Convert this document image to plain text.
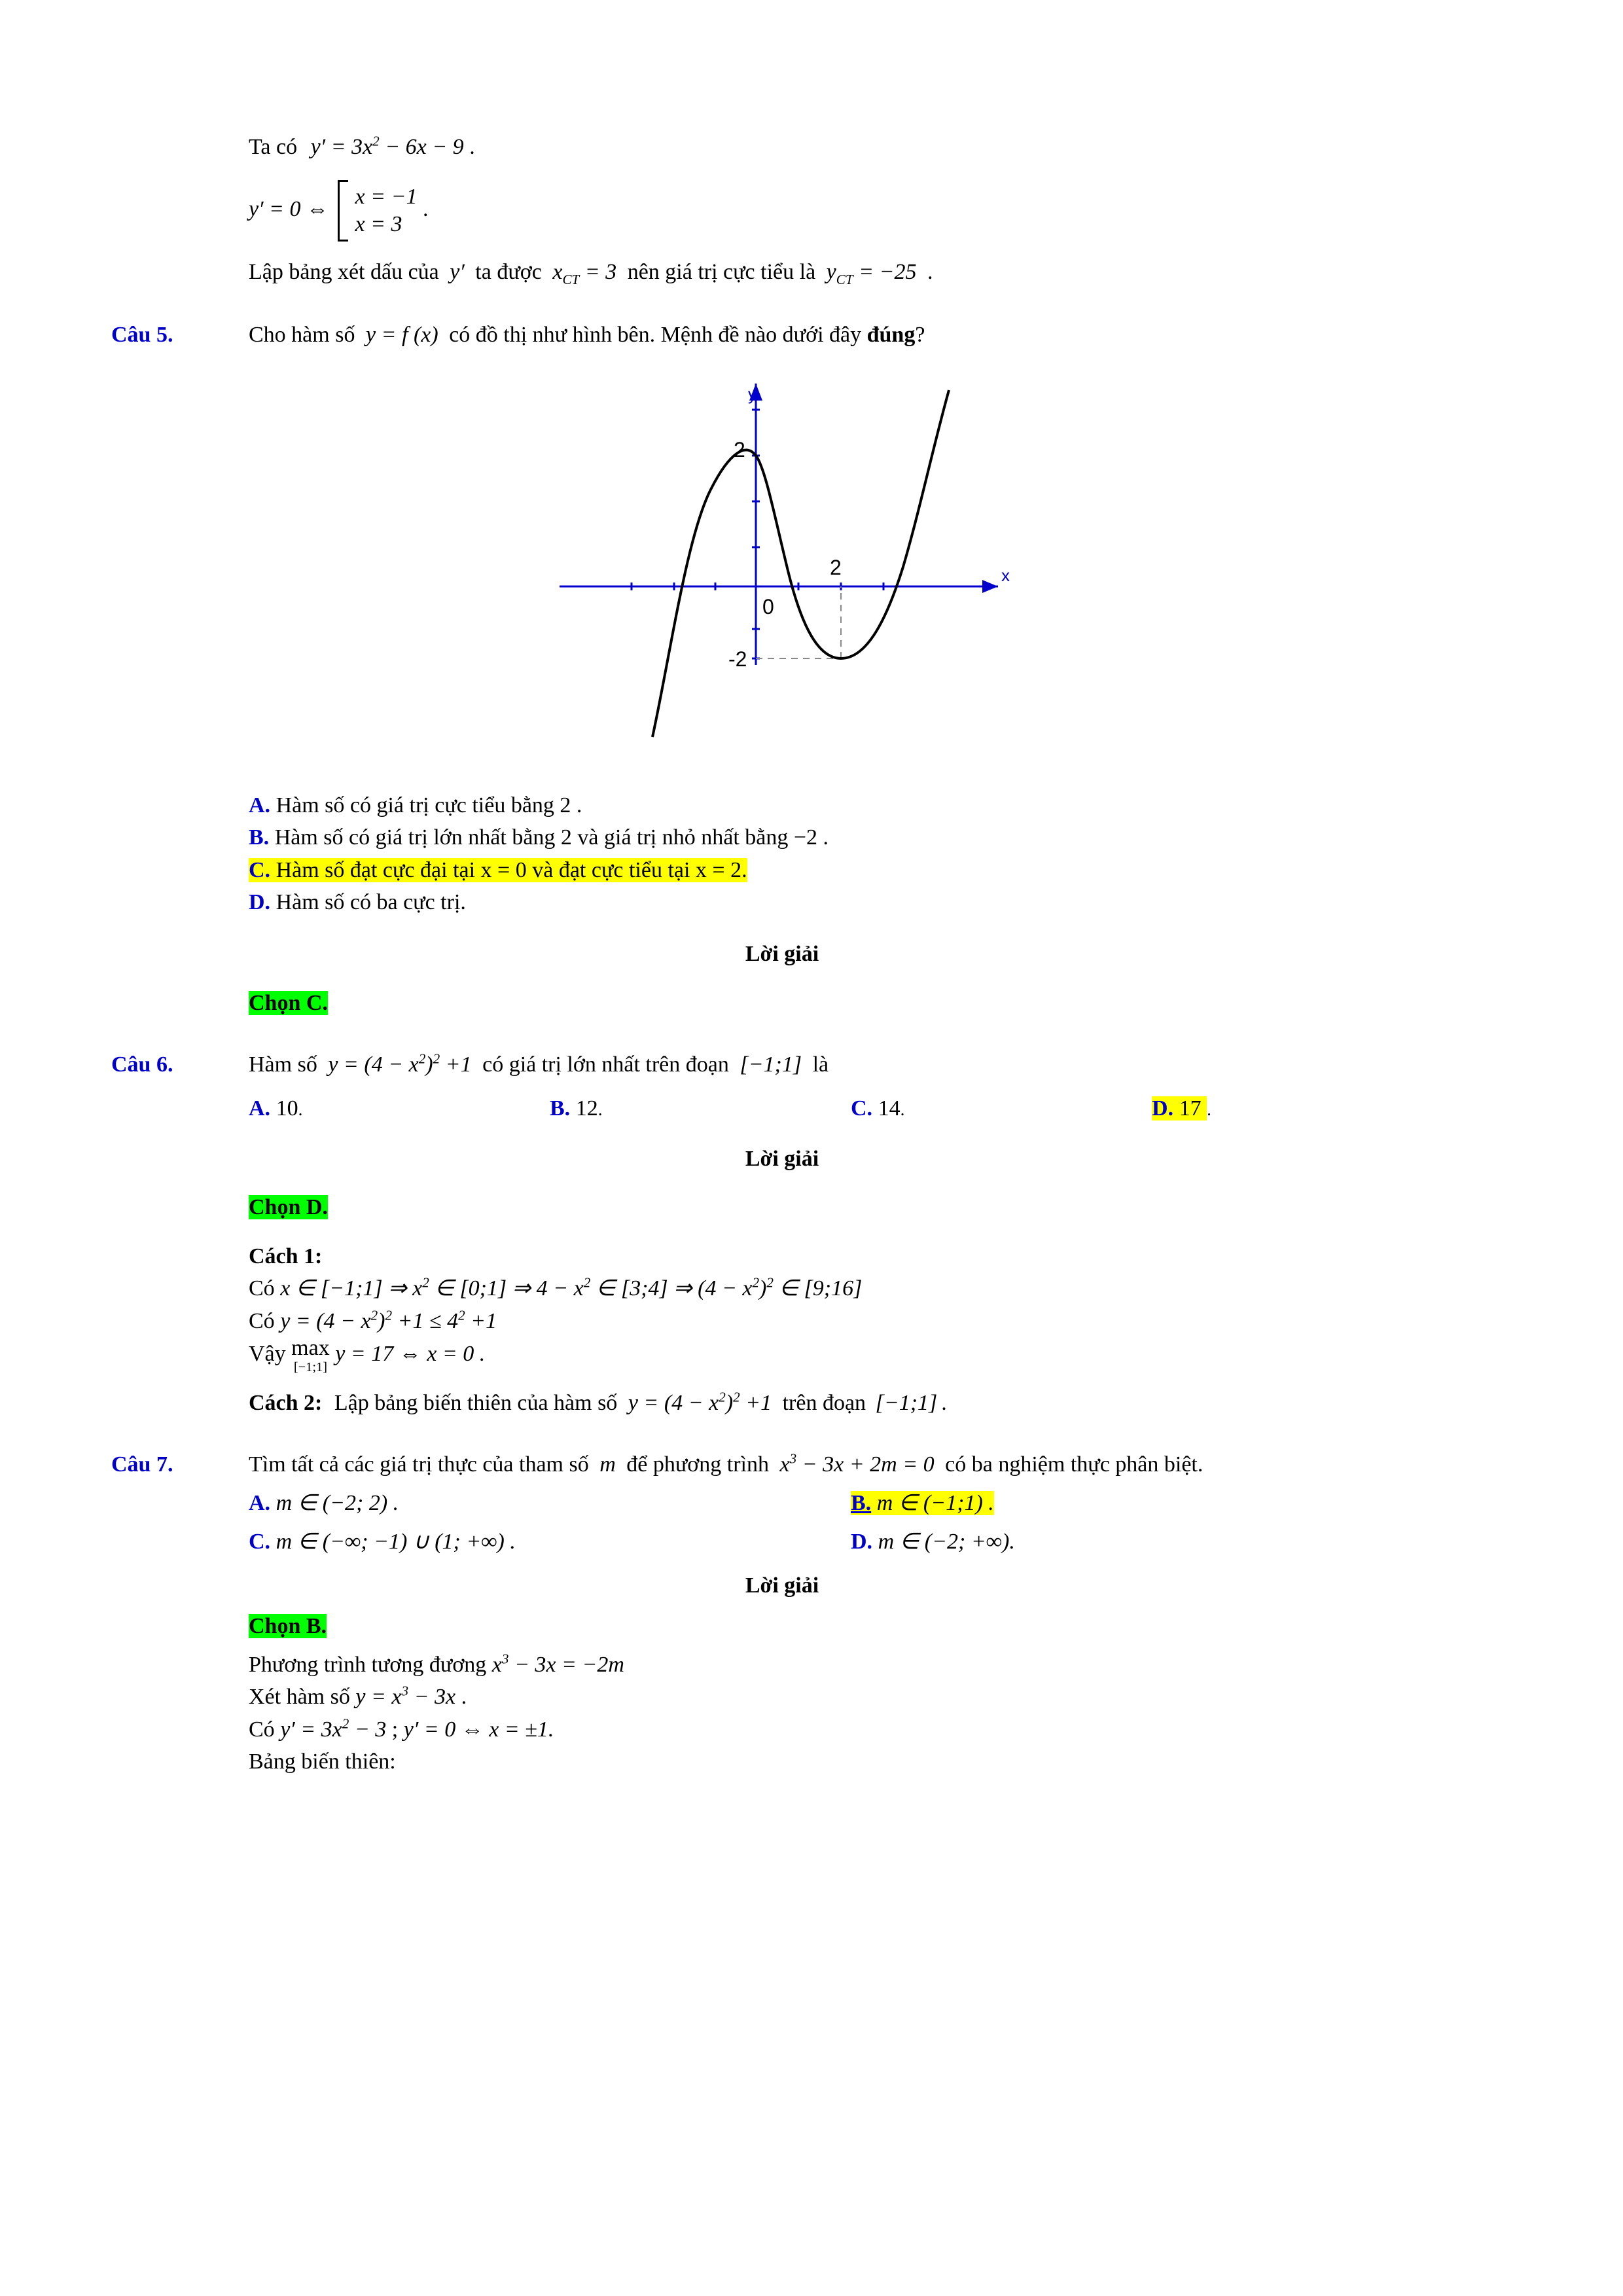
Ta có $y' = 3x^2 - 6x - 9$ .
y′ = 0 ⇔
x = −1
x = 3
.
Lập bảng xét dấu của y′ ta được $x_{CT} = 3$ nên giá trị cực tiểu là $y_{CT} = -25$ .
Câu 5.	Cho hàm số y = f (x) có đồ thị như hình bên. Mệnh đề nào dưới đây đúng?
y
x
2
-2
2
0
A. Hàm số có giá trị cực tiểu bằng 2 .
B. Hàm số có giá trị lớn nhất bằng 2 và giá trị nhỏ nhất bằng −2 .
C. Hàm số đạt cực đại tại x = 0 và đạt cực tiểu tại x = 2.
D. Hàm số có ba cực trị.
Lời giải
Chọn C.
Câu 6.	Hàm số $y = (4 - x^2)^2 +1$ có giá trị lớn nhất trên đoạn [−1;1] là
A. 10.	B. 12.	C. 14.	D. 17 .
Lời giải
Chọn D.
Cách 1:
Có x ∈ [−1;1] ⇒ $x^2$ ∈ [0;1] ⇒ $4 - x^2$ ∈ [3;4] ⇒ $(4 - x^2)^2$ ∈ [9;16]
Có $y = (4 - x^2)^2 +1 \le 4^2 +1$
Vậy max
[−1;1]
y = 17 ⇔ x = 0 .
Cách 2: Lập bảng biến thiên của hàm số $y = (4 - x^2)^2 +1$ trên đoạn [−1;1] .
Câu 7.	Tìm tất cả các giá trị thực của tham số m để phương trình $x^3 - 3x + 2m = 0$ có ba nghiệm thực phân biệt.
A. m ∈ (−2; 2) .	B. m ∈ (−1;1) .
C. m ∈ (−∞; −1) ∪ (1; +∞) .	D. m ∈ (−2; +∞).
Lời giải
Chọn B.
Phương trình tương đương $x^3 - 3x = -2m$
Xét hàm số $y = x^3 - 3x$ .
Có $y' = 3x^2 - 3$ ; y′ = 0 ⇔ x = ±1.
Bảng biến thiên:
